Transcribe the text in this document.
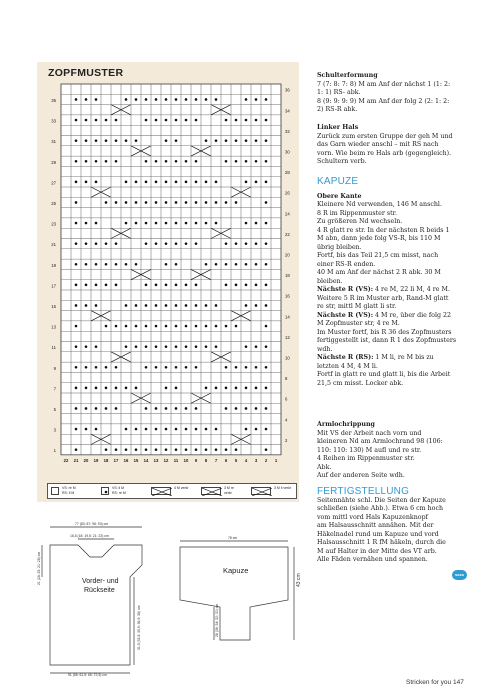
ZOPFMUSTER
35
33
31
29
27
25
23
21
19
17
15
13
11
9
7
5
3
1
36
34
32
30
28
26
24
22
20
18
16
14
12
10
8
6
4
2
22 21 20 19 18 17 16 15 14 13 12 11 10 9 8 7 6 5 4 3 2 1
VS: re M
RS: li M
VS: li M
RS: re M
4 M verkr	3 M re
verkr
3 M li verkr

Schulterformung

7 (7: 8: 7: 8) M am Anf der nächst 1 (1: 2:

1: 1) RS- abk.

8 (9: 9: 9: 9) M am Anf der folg 2 (2: 1: 2:

2) RS-R abk.

Linker Hals

Zurück zum ersten Gruppe der geh M und

das Garn wieder anschl – mit RS nach

vorn. Wie beim re Hals arb (gegengleich).

Schultern verb.

KAPUZE

Obere Kante

Kleinere Nd verwenden, 146 M anschl.

8 R im Rippenmuster str.

Zu größeren Nd wechseln.

4 R glatt re str. In der nächsten R beids 1

M abn, dann jede folg VS-R, bis 110 M

übrig bleiben.

Fortf, bis das Teil 21,5 cm misst, nach

einer RS-R enden.

40 M am Anf der nächst 2 R abk. 30 M

bleiben.

Nächste R (VS): 4 re M, 22 li M, 4 re M.

Weitere 5 R im Muster arb, Rand-M glatt

re str, mittl M glatt li str.

Nächste R (VS): 4 M re, über die folg 22

M Zopfmuster str, 4 re M.

Im Muster fortf, bis R 36 des Zopfmusters

fertiggestellt ist, dann R 1 des Zopfmusters

wdh.

Nächste R (RS): 1 M li, re M bis zu

letzten 4 M, 4 M li.

Fortf in glatt re und glatt li, bis die Arbeit

21,5 cm misst. Locker abk.

Armlochrippung

Mit VS der Arbeit nach vorn und

kleineren Nd am Armlochrand 98 (106:

110: 110: 130) M aufl und re str.

4 Reihen im Rippenmuster str.

Abk.

Auf der anderen Seite wdh.

FERTIGSTELLUNG

Seitennähte schl. Die Seiten der Kapuze

schließen (siehe Abb.). Etwa 6 cm hoch

vom mittl vord Hals Kapuzenknopf

am Halsausschnitt annähen. Mit der

Häkelnadel rund um Kapuze und vord

Halsausschnitt 1 R fM häkeln, durch die

M auf Halter in der Mitte des VT arb.

Alle Fäden vernähen und spannen.

77 (83: 87: 98: 93) cm
16,5 (18: 19,5: 21: 22) cm
21 (24: 25: 21: 28) cm
31,5 (33,5: 35,5: 36,5: 38) cm
51 (56: 61,5: 65: 72,5) cm
78 cm
28 (36: 34: 32: 30) cm
43 cm
Vorder- und
Rückseite
Kapuze	ssss
Stricken for you 147
